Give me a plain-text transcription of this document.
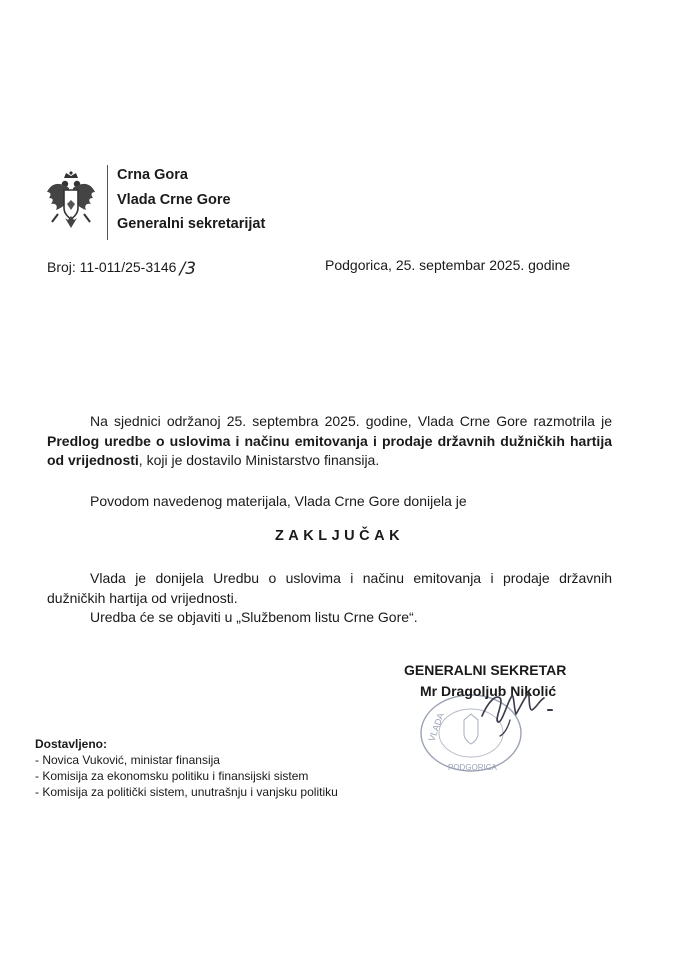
Crna Gora
Vlada Crne Gore
Generalni sekretarijat
Broj: 11-011/25-3146 /3	Podgorica, 25. septembar 2025. godine
Na sjednici održanoj 25. septembra 2025. godine, Vlada Crne Gore razmotrila je Predlog uredbe o uslovima i načinu emitovanja i prodaje državnih dužničkih hartija od vrijednosti, koji je dostavilo Ministarstvo finansija.
Povodom navedenog materijala, Vlada Crne Gore donijela je
ZAKLJUČAK
Vlada je donijela Uredbu o uslovima i načinu emitovanja i prodaje državnih dužničkih hartija od vrijednosti.
Uredba će se objaviti u „Službenom listu Crne Gore“.
VLADA
PODGORICA
GENERALNI SEKRETAR
Mr Dragoljub Nikolić
Dostavljeno:
- Novica Vuković, ministar finansija
- Komisija za ekonomsku politiku i finansijski sistem
- Komisija za politički sistem, unutrašnju i vanjsku politiku
